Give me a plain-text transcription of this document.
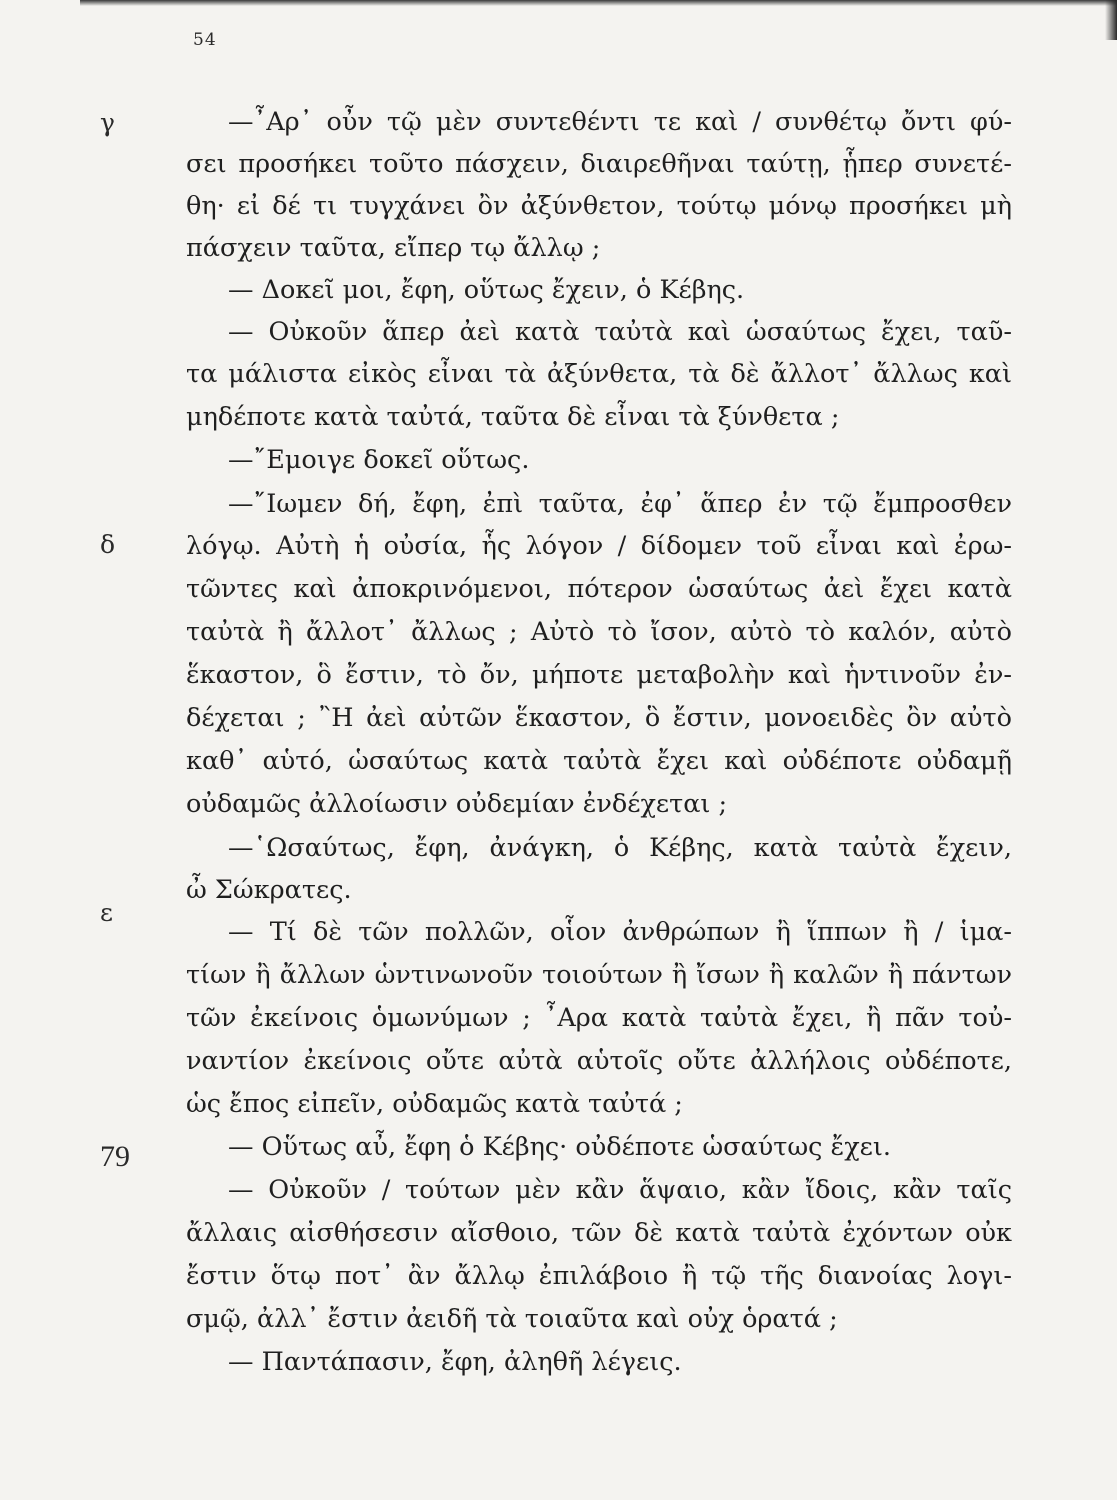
54
γ
δ
ε
79
—῏Αρ᾽ οὖν τῷ μὲν συντεθέντι τε καὶ / συνθέτῳ ὄντι φύ-
σει προσήκει τοῦτο πάσχειν, διαιρεθῆναι ταύτῃ, ᾗπερ συνετέ-
θη· εἰ δέ τι τυγχάνει ὂν ἀξύνθετον, τούτῳ μόνῳ προσήκει μὴ
πάσχειν ταῦτα, εἴπερ τῳ ἄλλῳ ;
— Δοκεῖ μοι, ἔφη, οὕτως ἔχειν, ὁ Κέβης.
— Οὐκοῦν ἅπερ ἀεὶ κατὰ ταὐτὰ καὶ ὡσαύτως ἔχει, ταῦ-
τα μάλιστα εἰκὸς εἶναι τὰ ἀξύνθετα, τὰ δὲ ἄλλοτ᾽ ἄλλως καὶ
μηδέποτε κατὰ ταὐτά, ταῦτα δὲ εἶναι τὰ ξύνθετα ;
—῎Εμοιγε δοκεῖ οὕτως.
—῎Ιωμεν δή, ἔφη, ἐπὶ ταῦτα, ἐφ᾽ ἅπερ ἐν τῷ ἔμπροσθεν
λόγῳ. Αὐτὴ ἡ οὐσία, ἧς λόγον / δίδομεν τοῦ εἶναι καὶ ἐρω-
τῶντες καὶ ἀποκρινόμενοι, πότερον ὡσαύτως ἀεὶ ἔχει κατὰ
ταὐτὰ ἢ ἄλλοτ᾽ ἄλλως ; Αὐτὸ τὸ ἴσον, αὐτὸ τὸ καλόν, αὐτὸ
ἕκαστον, ὃ ἔστιν, τὸ ὄν, μήποτε μεταβολὴν καὶ ἡντινοῦν ἐν-
δέχεται ; ῍Η ἀεὶ αὐτῶν ἕκαστον, ὃ ἔστιν, μονοειδὲς ὂν αὐτὸ
καθ᾽ αὑτό, ὡσαύτως κατὰ ταὐτὰ ἔχει καὶ οὐδέποτε οὐδαμῇ
οὐδαμῶς ἀλλοίωσιν οὐδεμίαν ἐνδέχεται ;
—῾Ωσαύτως, ἔφη, ἀνάγκη, ὁ Κέβης, κατὰ ταὐτὰ ἔχειν,
ὦ Σώκρατες.
— Τί δὲ τῶν πολλῶν, οἷον ἀνθρώπων ἢ ἵππων ἢ / ἱμα-
τίων ἢ ἄλλων ὡντινωνοῦν τοιούτων ἢ ἴσων ἢ καλῶν ἢ πάντων
τῶν ἐκείνοις ὁμωνύμων ; ῏Αρα κατὰ ταὐτὰ ἔχει, ἢ πᾶν τοὐ-
ναντίον ἐκείνοις οὔτε αὐτὰ αὑτοῖς οὔτε ἀλλήλοις οὐδέποτε,
ὡς ἔπος εἰπεῖν, οὐδαμῶς κατὰ ταὐτά ;
— Οὕτως αὖ, ἔφη ὁ Κέβης· οὐδέποτε ὡσαύτως ἔχει.
— Οὐκοῦν / τούτων μὲν κἂν ἅψαιο, κἂν ἴδοις, κἂν ταῖς
ἄλλαις αἰσθήσεσιν αἴσθοιο, τῶν δὲ κατὰ ταὐτὰ ἐχόντων οὐκ
ἔστιν ὅτῳ ποτ᾽ ἂν ἄλλῳ ἐπιλάβοιο ἢ τῷ τῆς διανοίας λογι-
σμῷ, ἀλλ᾽ ἔστιν ἀειδῆ τὰ τοιαῦτα καὶ οὐχ ὁρατά ;
— Παντάπασιν, ἔφη, ἀληθῆ λέγεις.
